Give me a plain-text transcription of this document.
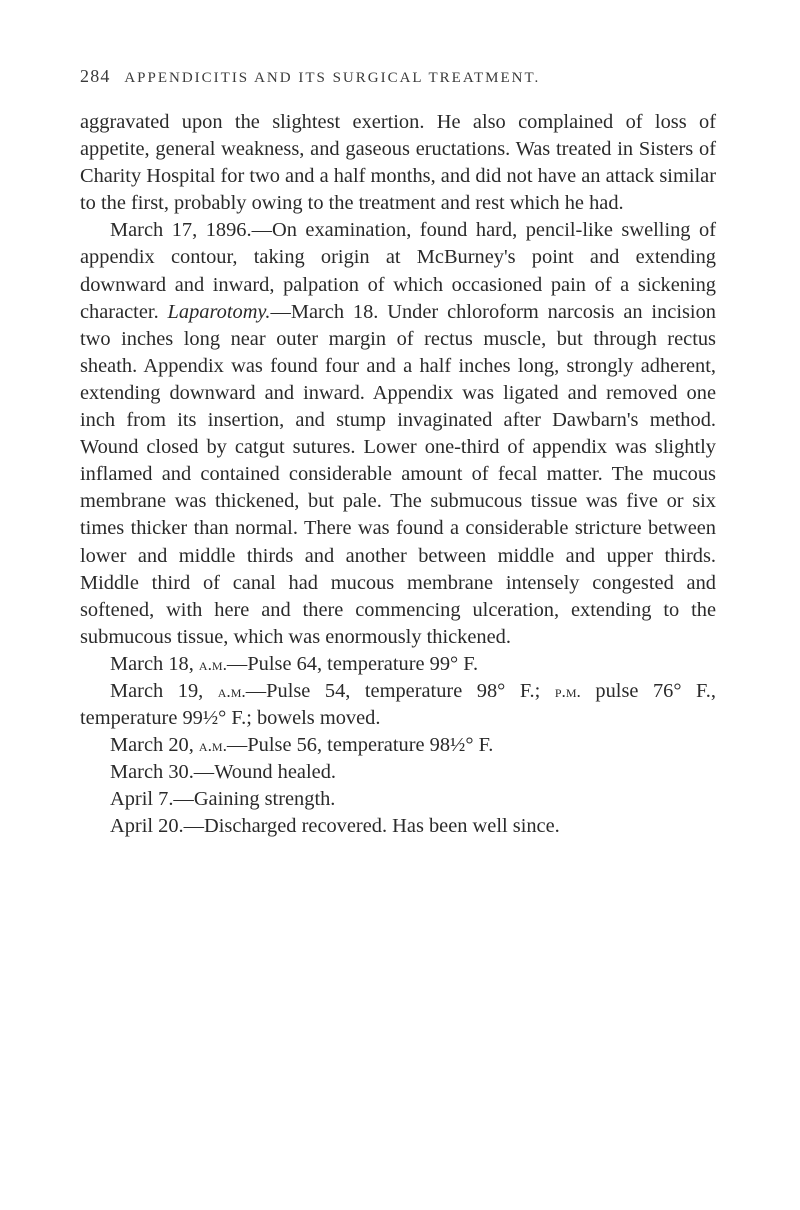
284 APPENDICITIS AND ITS SURGICAL TREATMENT.

aggravated upon the slightest exertion. He also complained of loss of appetite, general weakness, and gaseous eructations. Was treated in Sisters of Charity Hospital for two and a half months, and did not have an attack similar to the first, probably owing to the treatment and rest which he had.

March 17, 1896.—On examination, found hard, pencil-like swelling of appendix contour, taking origin at McBurney's point and extending downward and inward, palpation of which occasioned pain of a sickening character. Laparotomy.—March 18. Under chloroform narcosis an incision two inches long near outer margin of rectus muscle, but through rectus sheath. Appendix was found four and a half inches long, strongly adherent, extending downward and inward. Appendix was ligated and removed one inch from its insertion, and stump invaginated after Dawbarn's method. Wound closed by catgut sutures. Lower one-third of appendix was slightly inflamed and contained considerable amount of fecal matter. The mucous membrane was thickened, but pale. The submucous tissue was five or six times thicker than normal. There was found a considerable stricture between lower and middle thirds and another between middle and upper thirds. Middle third of canal had mucous membrane intensely congested and softened, with here and there commencing ulceration, extending to the submucous tissue, which was enormously thickened.

March 18, a.m.—Pulse 64, temperature 99° F.

March 19, a.m.—Pulse 54, temperature 98° F.; p.m. pulse 76° F., temperature 99½° F.; bowels moved.

March 20, a.m.—Pulse 56, temperature 98½° F.

March 30.—Wound healed.

April 7.—Gaining strength.

April 20.—Discharged recovered. Has been well since.
